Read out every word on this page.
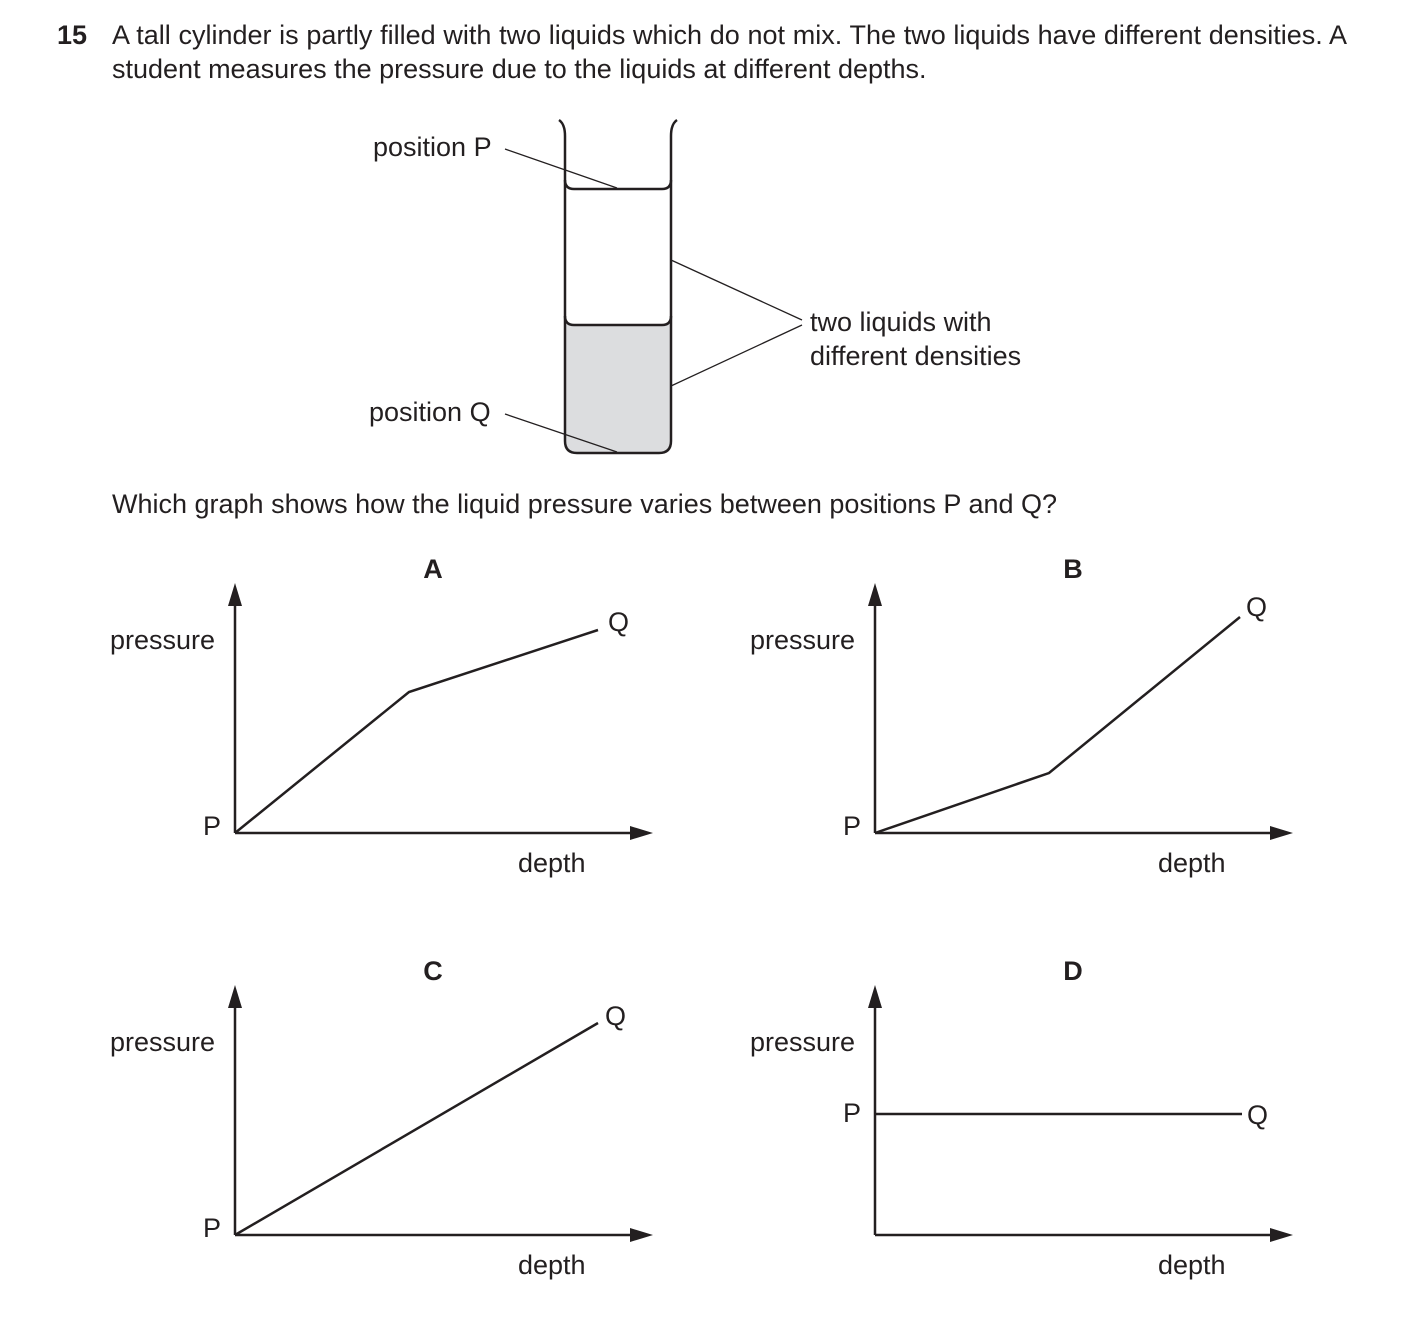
15 A tall cylinder is partly filled with two liquids which do not mix. The two liquids have different densities. A student measures the pressure due to the liquids at different depths.

position P
position Q
two liquids with
different densities

Which graph shows how the liquid pressure varies between positions P and Q?

A
pressure
depth
P
Q
B
pressure
depth
P
Q
C
pressure
depth
P
Q
D
pressure
depth
P	Q
